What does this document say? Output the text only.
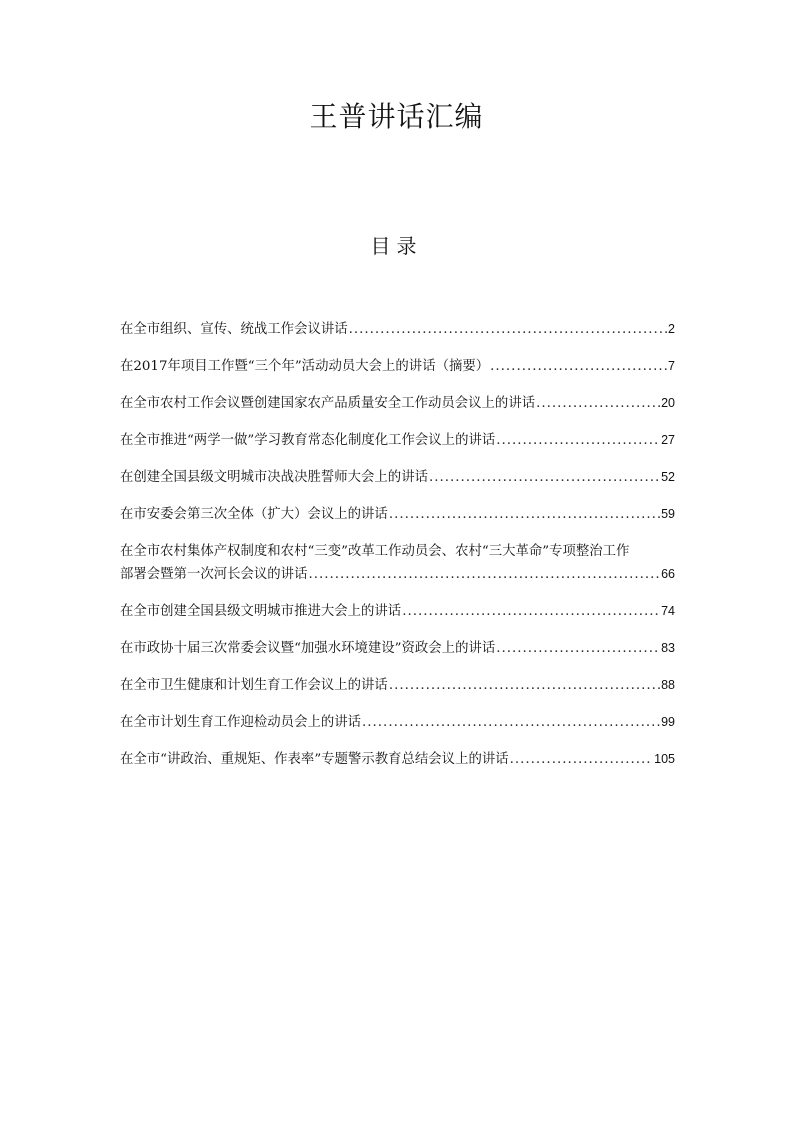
王普讲话汇编
目录
在全市组织、宣传、统战工作会议讲话 .....	2
在2017年项目工作暨“三个年”活动动员大会上的讲话（摘要） .....	7
在全市农村工作会议暨创建国家农产品质量安全工作动员会议上的讲话 .....	20
在全市推进“两学一做”学习教育常态化制度化工作会议上的讲话 .....	27
在创建全国县级文明城市决战决胜誓师大会上的讲话 .....	52
在市安委会第三次全体（扩大）会议上的讲话 .....	59
在全市农村集体产权制度和农村“三变”改革工作动员会、农村“三大革命”专项整治工作
部署会暨第一次河长会议的讲话 .....	66
在全市创建全国县级文明城市推进大会上的讲话 .....	74
在市政协十届三次常委会议暨“加强水环境建设”资政会上的讲话 .....	83
在全市卫生健康和计划生育工作会议上的讲话 .....	88
在全市计划生育工作迎检动员会上的讲话 .....	99
在全市“讲政治、重规矩、作表率”专题警示教育总结会议上的讲话 .....	105
